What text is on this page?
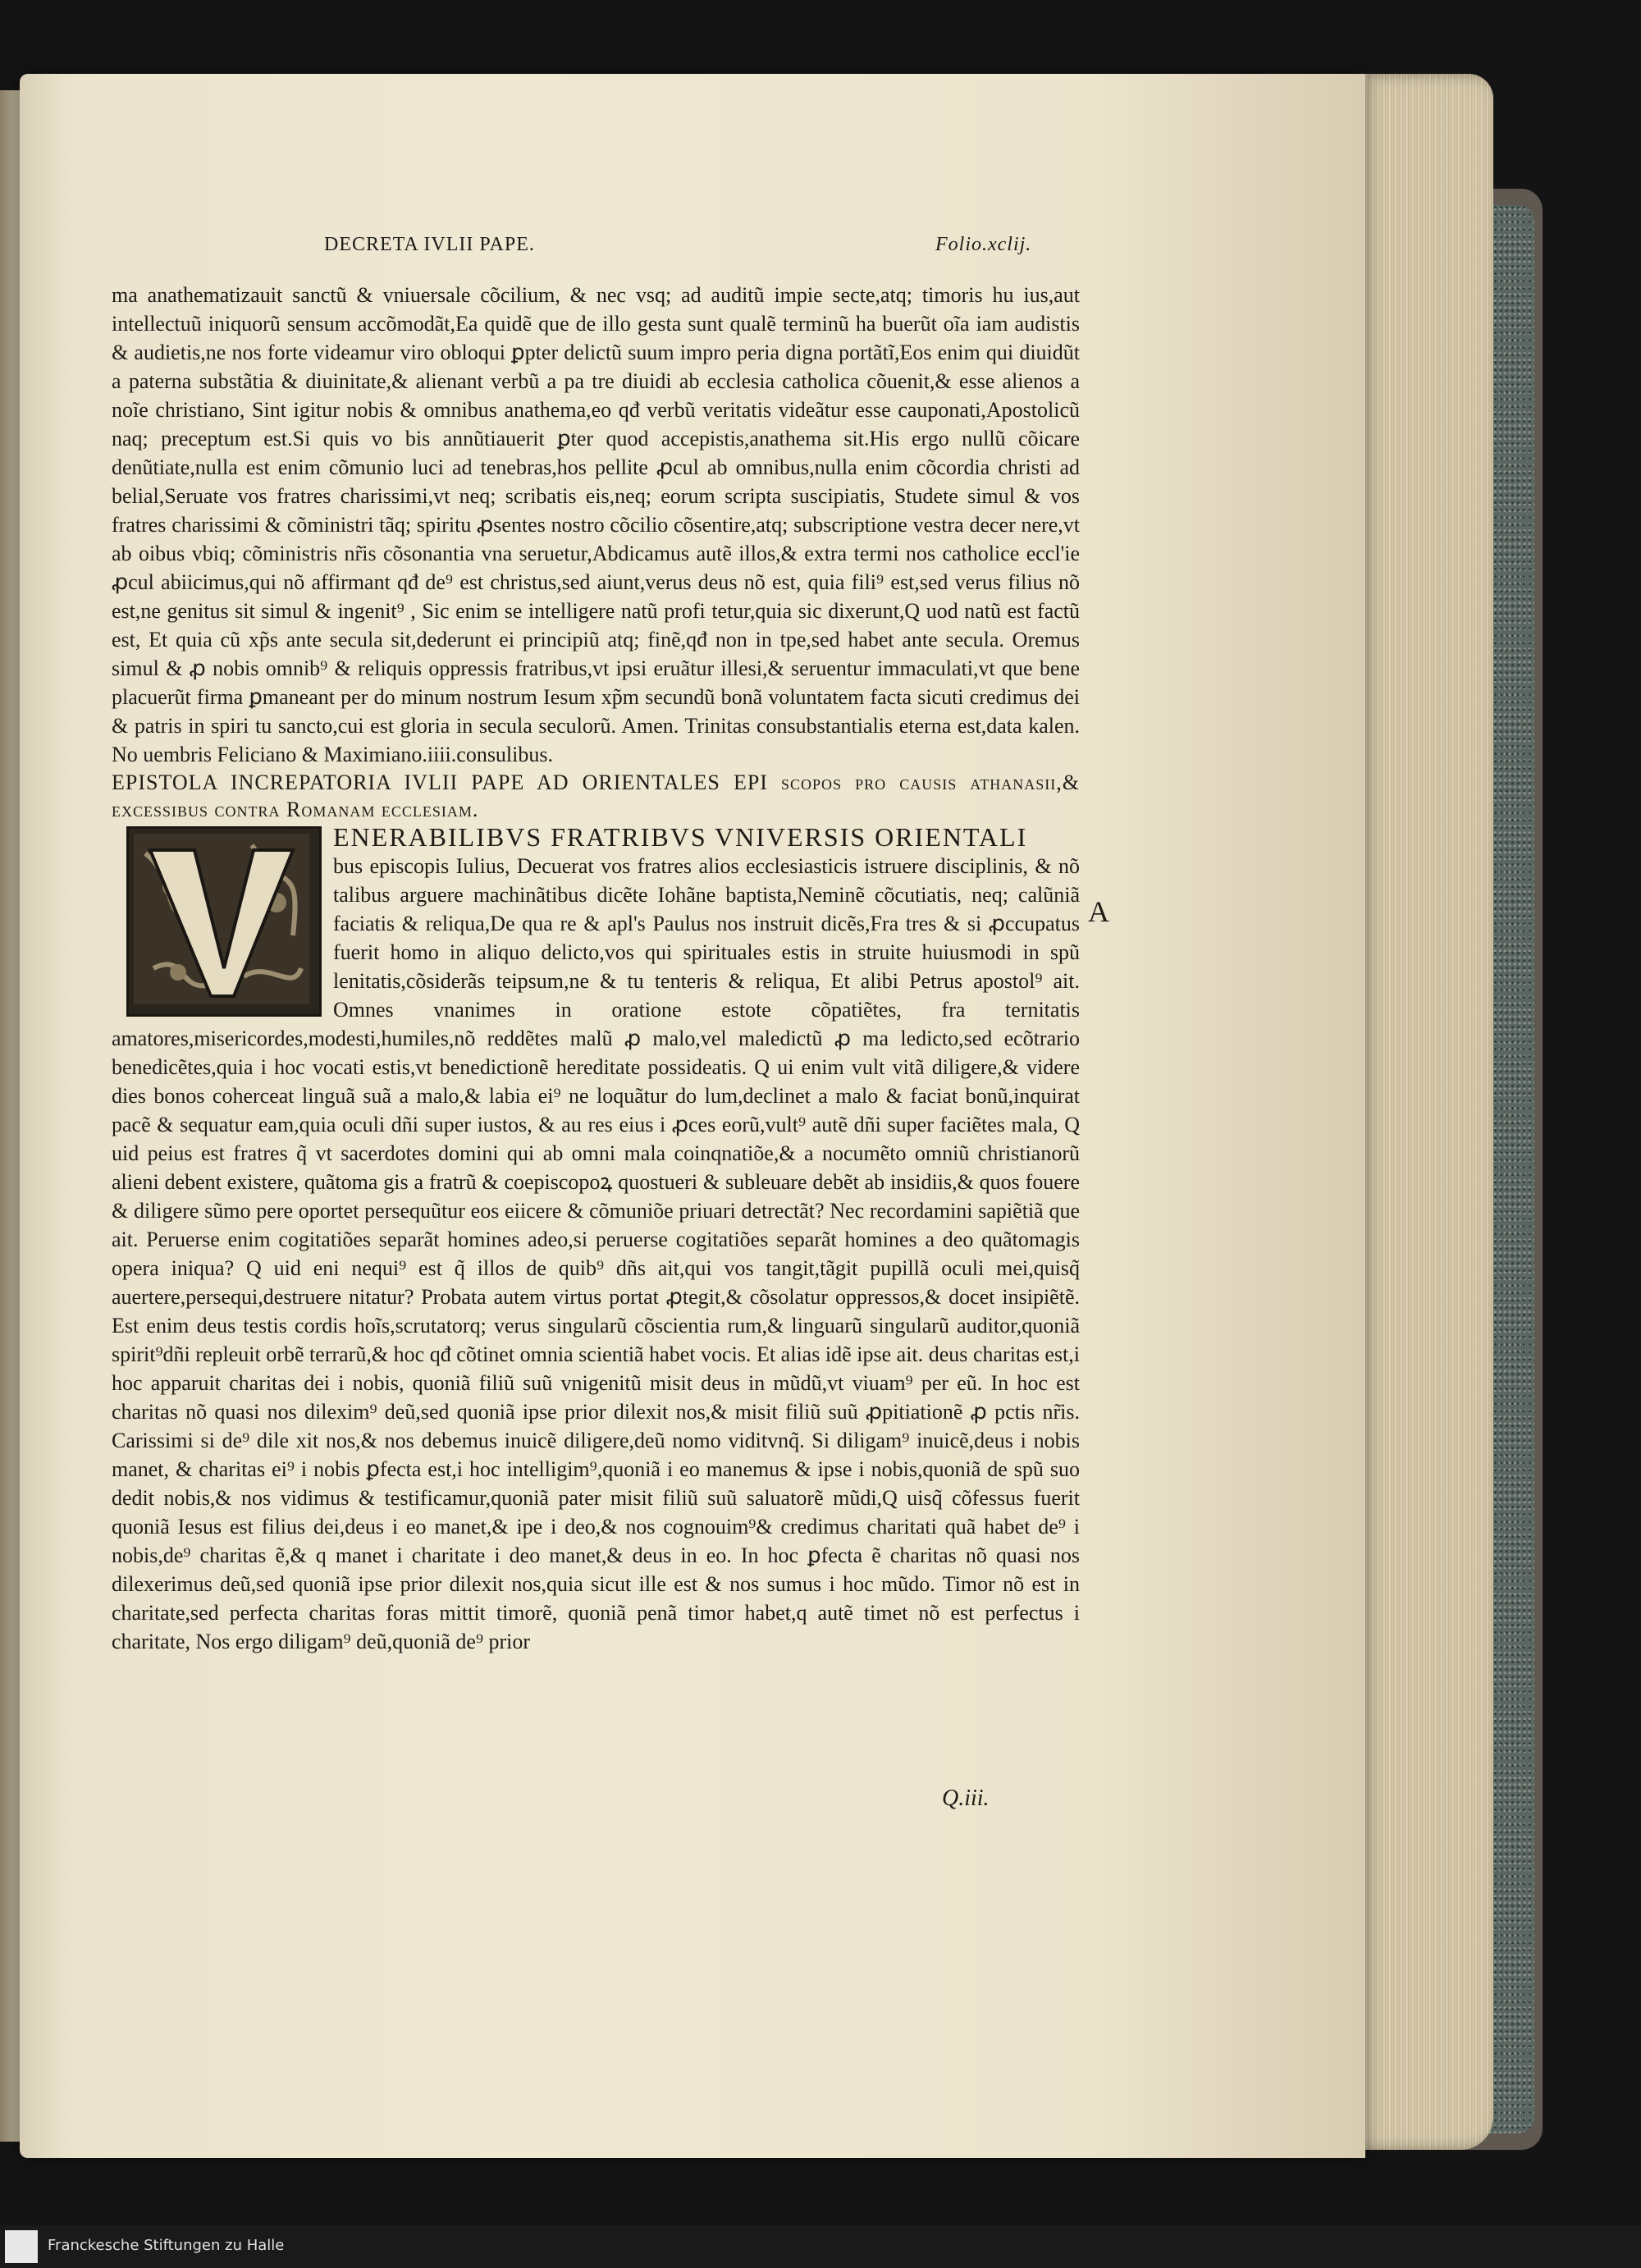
DECRETA IVLII PAPE.	Folio.xclij.

ma anathematizauit sanctũ & vniuersale cõcilium, & nec vsq; ad auditũ impie secte,atq; timoris hu ius,aut intellectuũ iniquorũ sensum accõmodãt,Ea quidẽ que de illo gesta sunt qualẽ terminũ ha buerũt oĩa iam audistis & audietis,ne nos forte videamur viro obloqui ꝑpter delictũ suum impro peria digna portãtĩ,Eos enim qui diuidũt a paterna substãtia & diuinitate,& alienant verbũ a pa tre diuidi ab ecclesia catholica cõuenit,& esse alienos a noĩe christiano, Sint igitur nobis & omnibus anathema,eo qđ verbũ veritatis videãtur esse cauponati,Apostolicũ naq; preceptum est.Si quis vo bis annũtiauerit ꝑter quod accepistis,anathema sit.His ergo nullũ cõicare denũtiate,nulla est enim cõmunio luci ad tenebras,hos pellite ꝓcul ab omnibus,nulla enim cõcordia christi ad belial,Seruate vos fratres charissimi,vt neq; scribatis eis,neq; eorum scripta suscipiatis, Studete simul & vos fratres charissimi & cõministri tãq; spiritu ꝓsentes nostro cõcilio cõsentire,atq; subscriptione vestra decer nere,vt ab oibus vbiq; cõministris nr̃is cõsonantia vna seruetur,Abdicamus autẽ illos,& extra termi nos catholice eccl'ie ꝓcul abiicimus,qui nõ affirmant qđ de⁹ est christus,sed aiunt,verus deus nõ est, quia fili⁹ est,sed verus filius nõ est,ne genitus sit simul & ingenit⁹ , Sic enim se intelligere natũ profi tetur,quia sic dixerunt,Q uod natũ est factũ est, Et quia cũ xp̃s ante secula sit,dederunt ei principiũ atq; finẽ,qđ non in tpe,sed habet ante secula. Oremus simul & ꝓ nobis omnib⁹ & reliquis oppressis fratribus,vt ipsi eruãtur illesi,& seruentur immaculati,vt que bene placuerũt firma ꝑmaneant per do minum nostrum Iesum xp̃m secundũ bonã voluntatem facta sicuti credimus dei & patris in spiri tu sancto,cui est gloria in secula seculorũ. Amen. Trinitas consubstantialis eterna est,data kalen. No uembris Feliciano & Maximiano.iiii.consulibus.

EPISTOLA INCREPATORIA IVLII PAPE AD ORIENTALES EPI scopos pro causis athanasii,& excessibus contra Romanam ecclesiam.

ENERABILIBVS FRATRIBVS VNIVERSIS ORIENTALI

bus episcopis Iulius, Decuerat vos fratres alios ecclesiasticis istruere disciplinis, & nõ talibus arguere machinãtibus dicẽte Iohãne baptista,Neminẽ cõcutiatis, neq; calũniã faciatis & reliqua,De qua re & apl's Paulus nos instruit dicẽs,Fra tres & si ꝓccupatus fuerit homo in aliquo delicto,vos qui spirituales estis in struite huiusmodi in spũ lenitatis,cõsiderãs teipsum,ne & tu tenteris & reliqua, Et alibi Petrus apostol⁹ ait. Omnes vnanimes in oratione estote cõpatiẽtes, fra ternitatis amatores,misericordes,modesti,humiles,nõ reddẽtes malũ ꝓ malo,vel maledictũ ꝓ ma ledicto,sed ecõtrario benedicẽtes,quia i hoc vocati estis,vt benedictionẽ hereditate possideatis. Q ui enim vult vitã diligere,& videre dies bonos coherceat linguã suã a malo,& labia ei⁹ ne loquãtur do lum,declinet a malo & faciat bonũ,inquirat pacẽ & sequatur eam,quia oculi dñi super iustos, & au res eius i ꝓces eorũ,vult⁹ autẽ dñi super faciẽtes mala, Q uid peius est fratres q̃ vt sacerdotes domini qui ab omni mala coinqnatiõe,& a nocumẽto omniũ christianorũ alieni debent existere, quãtoma gis a fratrũ & coepiscopoꝝ quostueri & subleuare debẽt ab insidiis,& quos fouere & diligere sũmo pere oportet persequũtur eos eiicere & cõmuniõe priuari detrectãt? Nec recordamini sapiẽtiã que ait. Peruerse enim cogitatiões separãt homines adeo,si peruerse cogitatiões separãt homines a deo quãtomagis opera iniqua? Q uid eni nequi⁹ est q̃ illos de quib⁹ dñs ait,qui vos tangit,tãgit pupillã oculi mei,quisq̃ auertere,persequi,destruere nitatur? Probata autem virtus portat ꝓtegit,& cõsolatur oppressos,& docet insipiẽtẽ. Est enim deus testis cordis hoĩs,scrutatorq; verus singularũ cõscientia rum,& linguarũ singularũ auditor,quoniã spirit⁹dñi repleuit orbẽ terrarũ,& hoc qđ cõtinet omnia scientiã habet vocis. Et alias idẽ ipse ait. deus charitas est,i hoc apparuit charitas dei i nobis, quoniã filiũ suũ vnigenitũ misit deus in mũdũ,vt viuam⁹ per eũ. In hoc est charitas nõ quasi nos dilexim⁹ deũ,sed quoniã ipse prior dilexit nos,& misit filiũ suũ ꝓpitiationẽ ꝓ pctis nr̃is. Carissimi si de⁹ dile xit nos,& nos debemus inuicẽ diligere,deũ nomo viditvnq̃. Si diligam⁹ inuicẽ,deus i nobis manet, & charitas ei⁹ i nobis ꝑfecta est,i hoc intelligim⁹,quoniã i eo manemus & ipse i nobis,quoniã de spũ suo dedit nobis,& nos vidimus & testificamur,quoniã pater misit filiũ suũ saluatorẽ mũdi,Q uisq̃ cõfessus fuerit quoniã Iesus est filius dei,deus i eo manet,& ipe i deo,& nos cognouim⁹& credimus charitati quã habet de⁹ i nobis,de⁹ charitas ẽ,& q manet i charitate i deo manet,& deus in eo. In hoc ꝑfecta ẽ charitas nõ quasi nos dilexerimus deũ,sed quoniã ipse prior dilexit nos,quia sicut ille est & nos sumus i hoc mũdo. Timor nõ est in charitate,sed perfecta charitas foras mittit timorẽ, quoniã penã timor habet,q autẽ timet nõ est perfectus i charitate, Nos ergo diligam⁹ deũ,quoniã de⁹ prior

A
Q.iii.
Franckesche Stiftungen zu Halle
